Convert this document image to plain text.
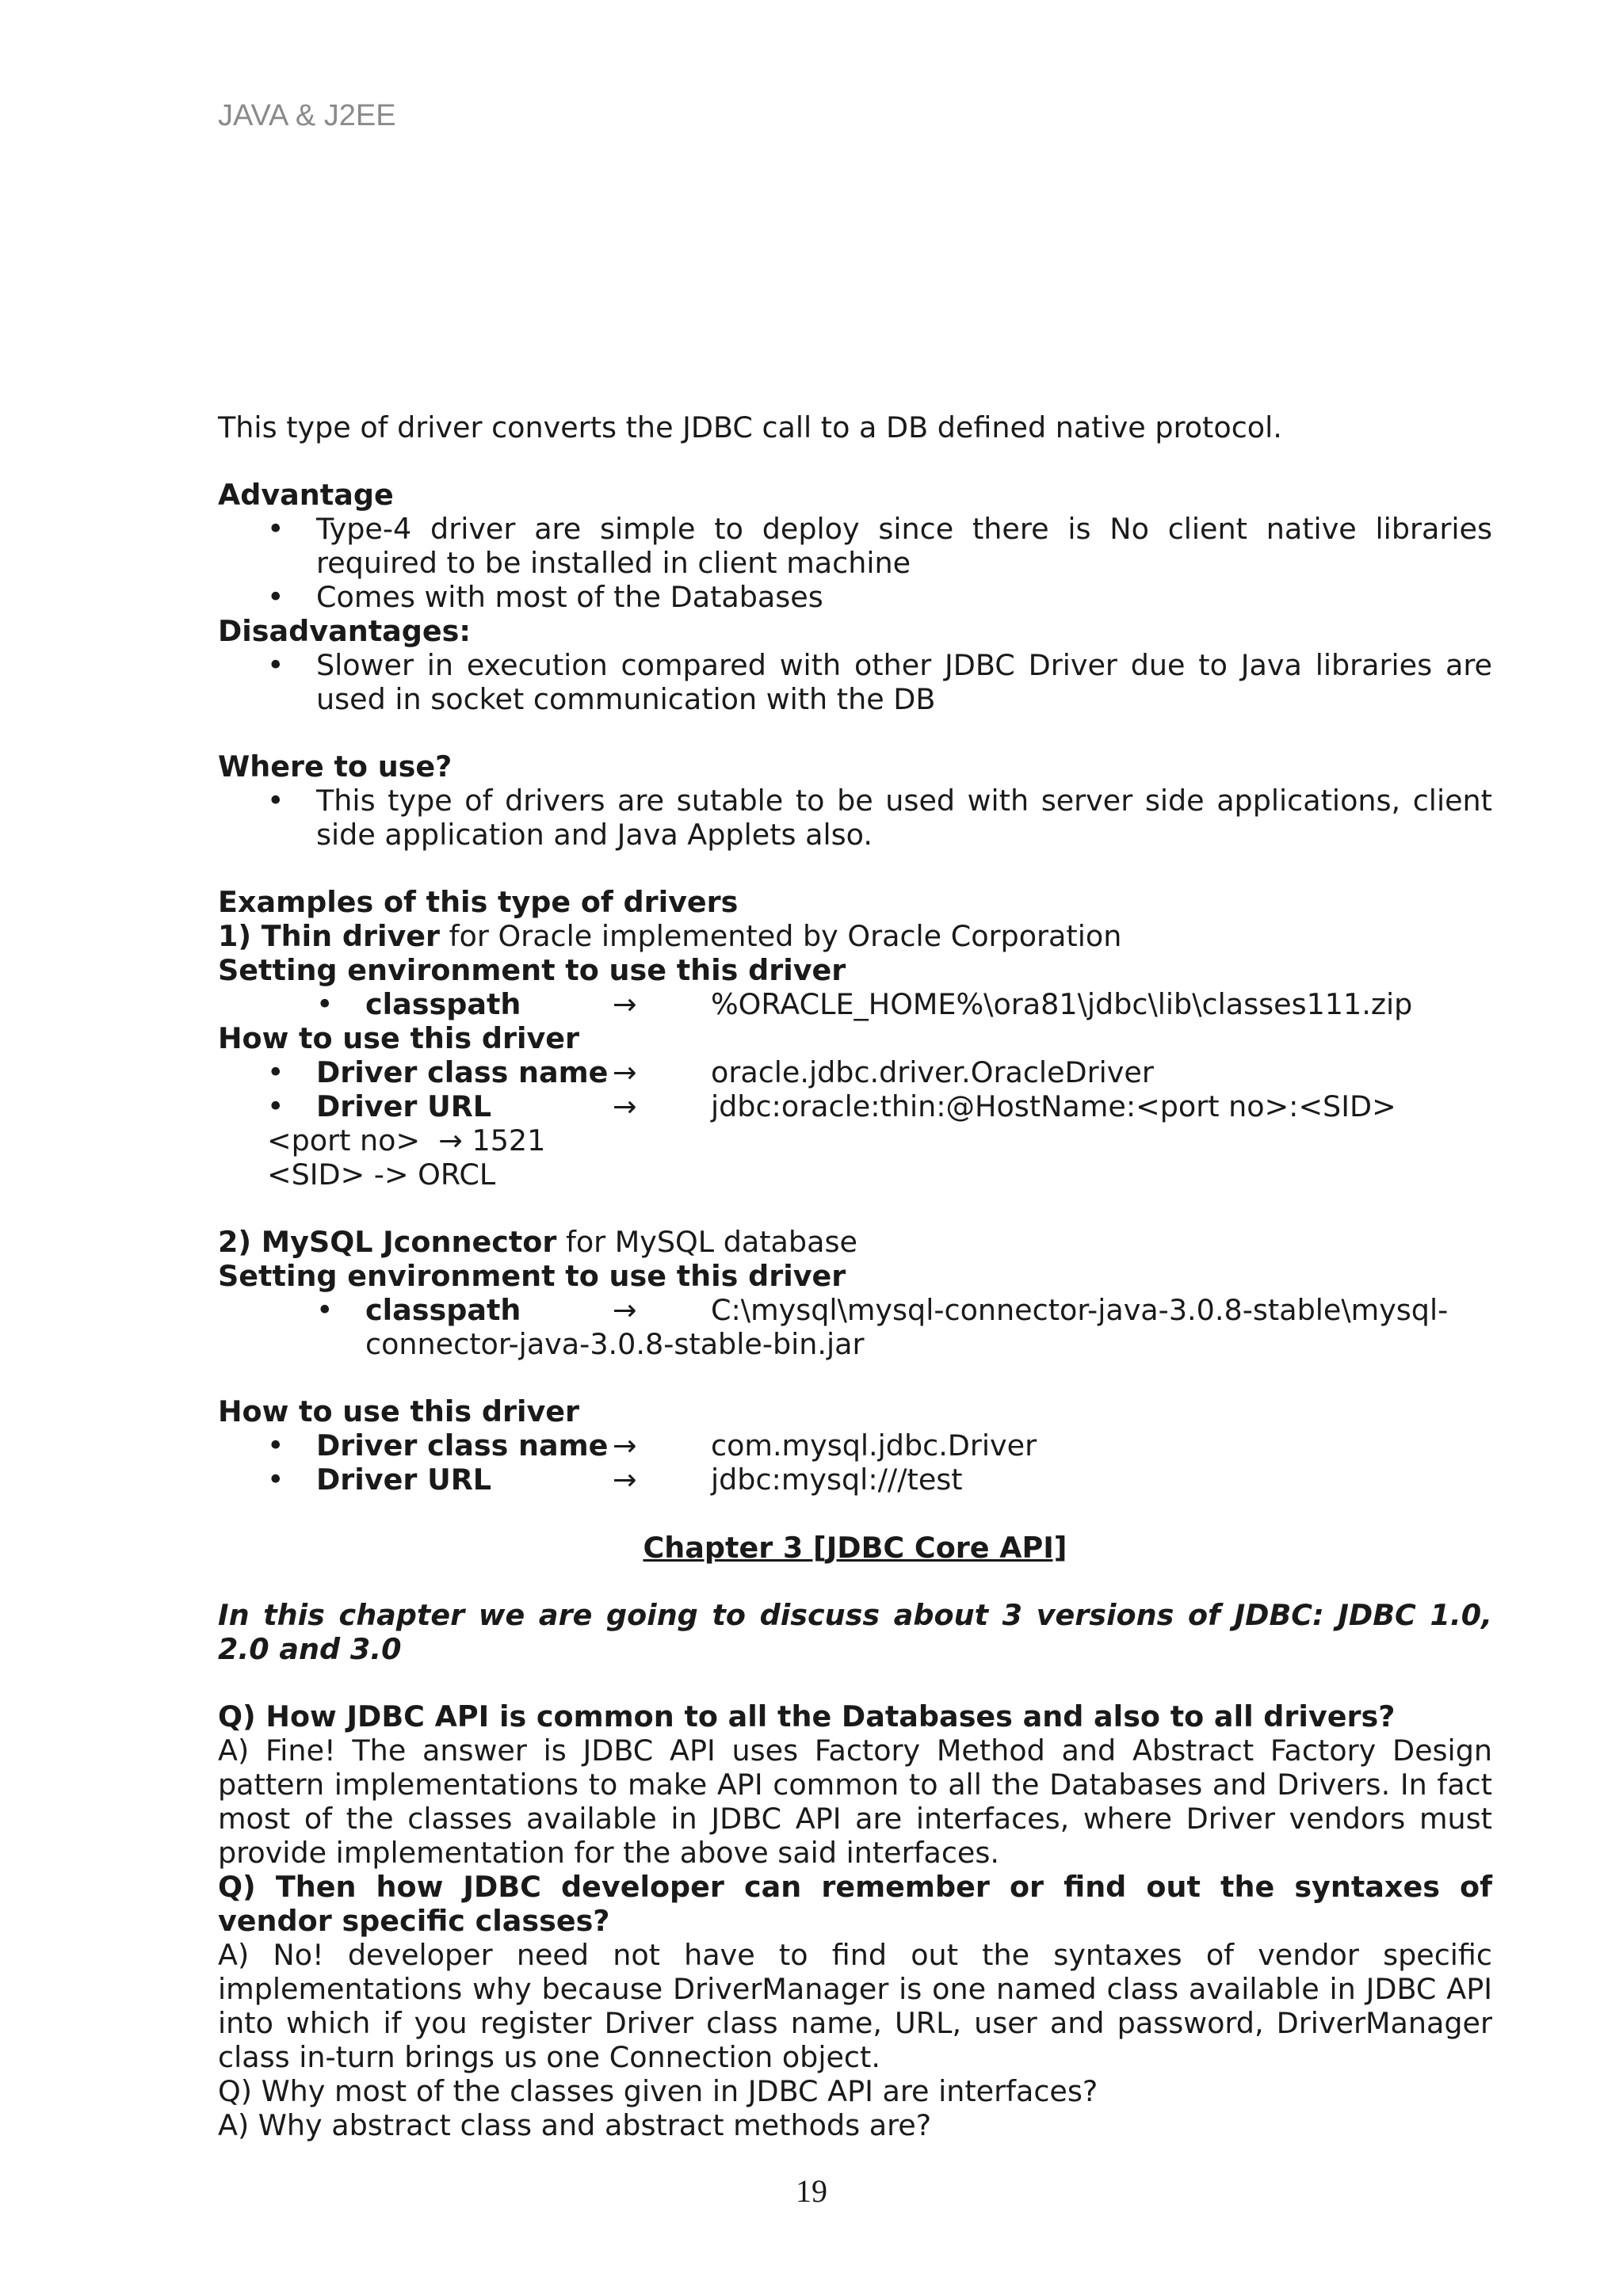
JAVA & J2EE

This type of driver converts the JDBC call to a DB defined native protocol.

Advantage
• Type-4 driver are simple to deploy since there is No client native libraries required to be installed in client machine
• Comes with most of the Databases
Disadvantages:
• Slower in execution compared with other JDBC Driver due to Java libraries are used in socket communication with the DB
Where to use?
• This type of drivers are sutable to be used with server side applications, client side application and Java Applets also.
Examples of this type of drivers
1) Thin driver for Oracle implemented by Oracle Corporation
Setting environment to use this driver
• classpath	→	%ORACLE_HOME%\ora81\jdbc\lib\classes111.zip
How to use this driver
• Driver class name →	oracle.jdbc.driver.OracleDriver
• Driver URL	→	jdbc:oracle:thin:@HostName:<port no>:<SID>
<port no> → 1521
<SID> -> ORCL
2) MySQL Jconnector for MySQL database
Setting environment to use this driver
• classpath	→	C:\mysql\mysql-connector-java-3.0.8-stable\mysql-
connector-java-3.0.8-stable-bin.jar
How to use this driver
• Driver class name →	com.mysql.jdbc.Driver
• Driver URL	→	jdbc:mysql:///test
Chapter 3 [JDBC Core API]
In this chapter we are going to discuss about 3 versions of JDBC: JDBC 1.0, 2.0 and 3.0
Q) How JDBC API is common to all the Databases and also to all drivers?
A) Fine! The answer is JDBC API uses Factory Method and Abstract Factory Design pattern implementations to make API common to all the Databases and Drivers. In fact most of the classes available in JDBC API are interfaces, where Driver vendors must provide implementation for the above said interfaces.
Q) Then how JDBC developer can remember or find out the syntaxes of vendor specific classes?
A) No! developer need not have to find out the syntaxes of vendor specific implementations why because DriverManager is one named class available in JDBC API into which if you register Driver class name, URL, user and password, DriverManager class in-turn brings us one Connection object.
Q) Why most of the classes given in JDBC API are interfaces?
A) Why abstract class and abstract methods are?
19
